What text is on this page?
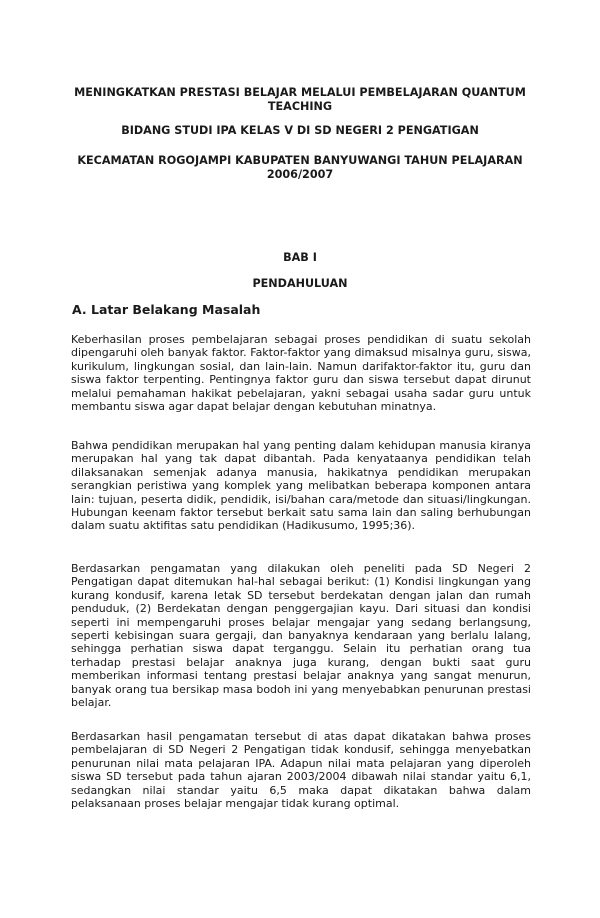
MENINGKATKAN PRESTASI BELAJAR MELALUI PEMBELAJARAN QUANTUM TEACHING
BIDANG STUDI IPA KELAS V DI SD NEGERI 2 PENGATIGAN
KECAMATAN ROGOJAMPI KABUPATEN BANYUWANGI TAHUN PELAJARAN 2006/2007
BAB I
PENDAHULUAN
A. Latar Belakang Masalah

Keberhasilan proses pembelajaran sebagai proses pendidikan di suatu sekolah dipengaruhi oleh banyak faktor. Faktor-faktor yang dimaksud misalnya guru, siswa, kurikulum, lingkungan sosial, dan lain-lain. Namun darifaktor-faktor itu, guru dan siswa faktor terpenting. Pentingnya faktor guru dan siswa tersebut dapat dirunut melalui pemahaman hakikat pebelajaran, yakni sebagai usaha sadar guru untuk membantu siswa agar dapat belajar dengan kebutuhan minatnya.

Bahwa pendidikan merupakan hal yang penting dalam kehidupan manusia kiranya merupakan hal yang tak dapat dibantah. Pada kenyataanya pendidikan telah dilaksanakan semenjak adanya manusia, hakikatnya pendidikan merupakan serangkian peristiwa yang komplek yang melibatkan beberapa komponen antara lain: tujuan, peserta didik, pendidik, isi/bahan cara/metode dan situasi/lingkungan. Hubungan keenam faktor tersebut berkait satu sama lain dan saling berhubungan dalam suatu aktifitas satu pendidikan (Hadikusumo, 1995;36).

Berdasarkan pengamatan yang dilakukan oleh peneliti pada SD Negeri 2 Pengatigan dapat ditemukan hal-hal sebagai berikut: (1) Kondisi lingkungan yang kurang kondusif, karena letak SD tersebut berdekatan dengan jalan dan rumah penduduk, (2) Berdekatan dengan penggergajian kayu. Dari situasi dan kondisi seperti ini mempengaruhi proses belajar mengajar yang sedang berlangsung, seperti kebisingan suara gergaji, dan banyaknya kendaraan yang berlalu lalang, sehingga perhatian siswa dapat terganggu. Selain itu perhatian orang tua terhadap prestasi belajar anaknya juga kurang, dengan bukti saat guru memberikan informasi tentang prestasi belajar anaknya yang sangat menurun, banyak orang tua bersikap masa bodoh ini yang menyebabkan penurunan prestasi belajar.

Berdasarkan hasil pengamatan tersebut di atas dapat dikatakan bahwa proses pembelajaran di SD Negeri 2 Pengatigan tidak kondusif, sehingga menyebatkan penurunan nilai mata pelajaran IPA. Adapun nilai mata pelajaran yang diperoleh siswa SD tersebut pada tahun ajaran 2003/2004 dibawah nilai standar yaitu 6,1, sedangkan nilai standar yaitu 6,5 maka dapat dikatakan bahwa dalam pelaksanaan proses belajar mengajar tidak kurang optimal.
